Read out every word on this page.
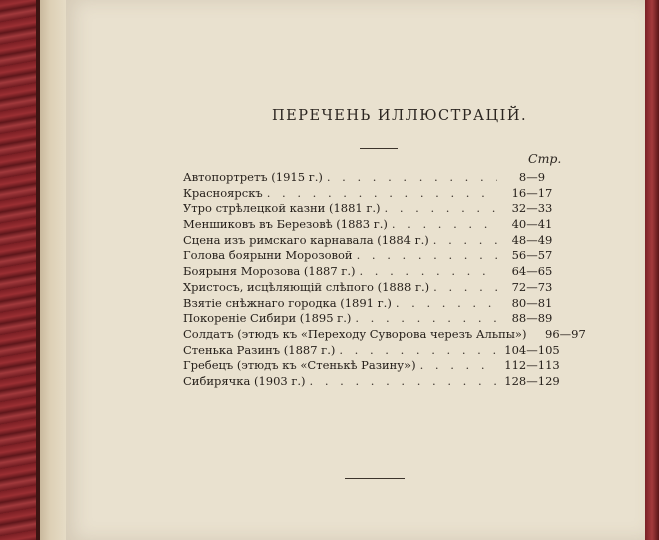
ПЕРЕЧЕНЬ ИЛЛЮСТРАЦІЙ.
Стр.
Автопортретъ (1915 г.) . . .	8—9
Красноярскъ . . .	16—17
Утро стрѣлецкой казни (1881 г.) . . .	32—33
Меншиковъ въ Березовѣ (1883 г.) . . .	40—41
Сцена изъ римскаго карнавала (1884 г.) . . .	48—49
Голова боярыни Морозовой . . .	56—57
Боярыня Морозова (1887 г.) . . .	64—65
Христосъ, исцѣляющій слѣпого (1888 г.) . . .	72—73
Взятіе снѣжнаго городка (1891 г.) . . .	80—81
Покореніе Сибири (1895 г.) . . .	88—89
Солдатъ (этюдъ къ «Переходу Суворова черезъ Альпы»)	96—97
Стенька Разинъ (1887 г.) . . .	104—105
Гребецъ (этюдъ къ «Стенькѣ Разину») . . .	112—113
Сибирячка (1903 г.) . . .	128—129
